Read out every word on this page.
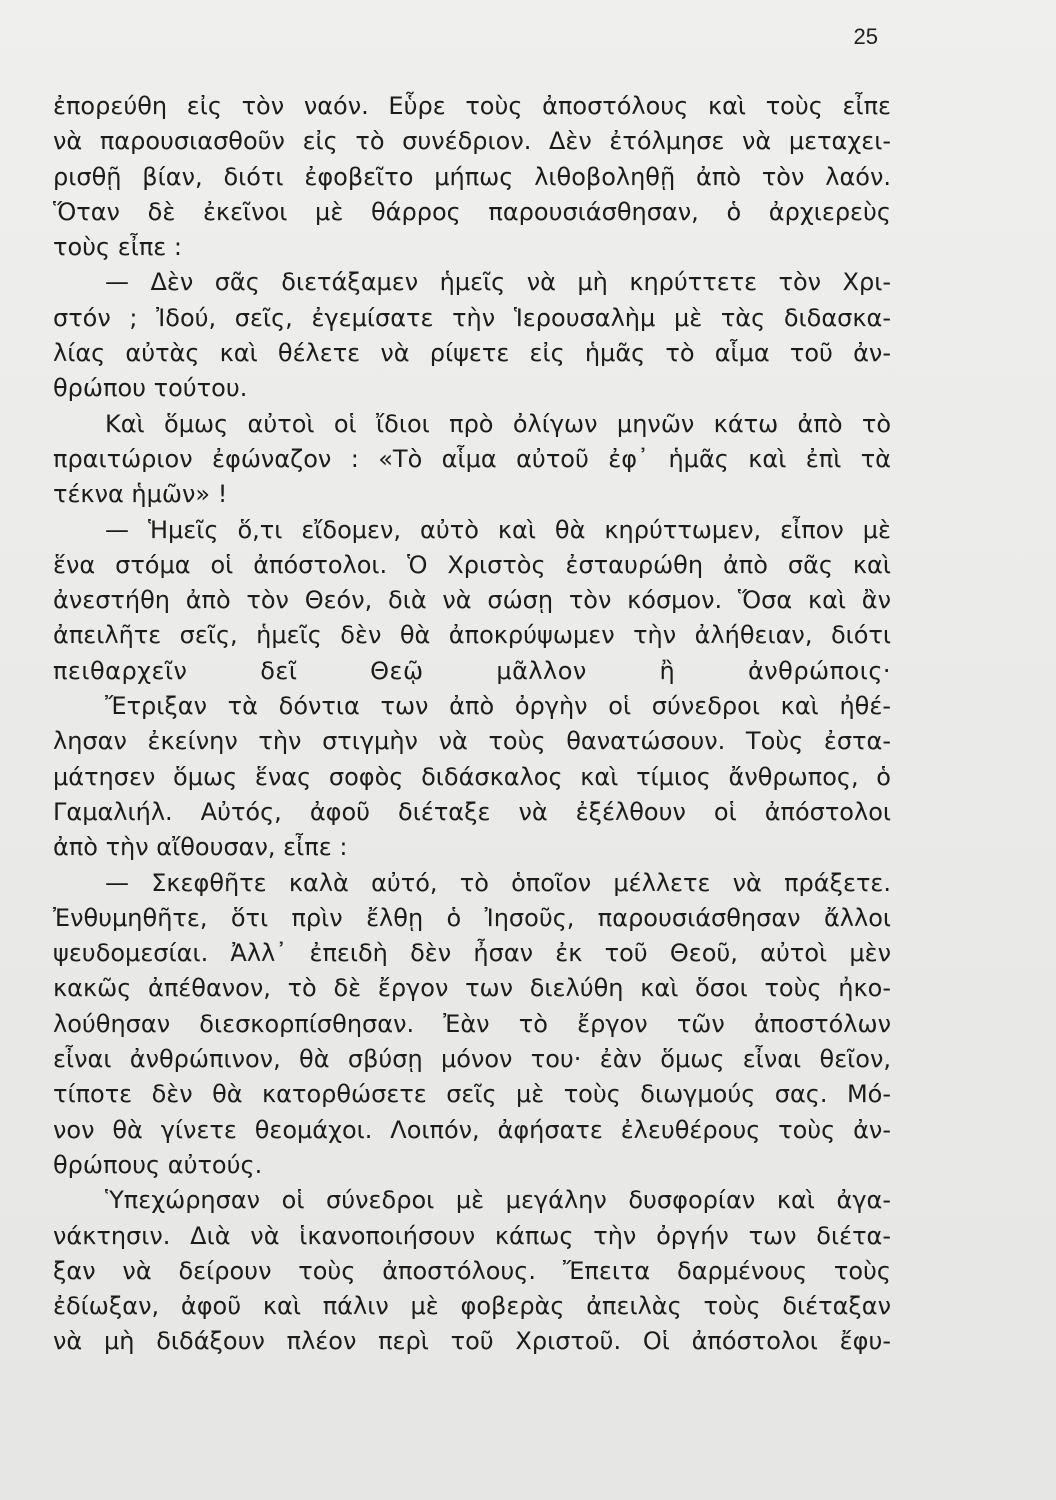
25
ἐπορεύθη εἰς τὸν ναόν. Εὗρε τοὺς ἀποστόλους καὶ τοὺς εἶπε
νὰ παρουσιασθοῦν εἰς τὸ συνέδριον. Δὲν ἐτόλμησε νὰ μεταχει-
ρισθῇ βίαν, διότι ἐφοβεῖτο μήπως λιθοβοληθῇ ἀπὸ τὸν λαόν.
Ὅταν δὲ ἐκεῖνοι μὲ θάρρος παρουσιάσθησαν, ὁ ἀρχιερεὺς
τοὺς εἶπε :
— Δὲν σᾶς διετάξαμεν ἡμεῖς νὰ μὴ κηρύττετε τὸν Χρι-
στόν ; Ἰδού, σεῖς, ἐγεμίσατε τὴν Ἱερουσαλὴμ μὲ τὰς διδασκα-
λίας αὐτὰς καὶ θέλετε νὰ ρίψετε εἰς ἡμᾶς τὸ αἷμα τοῦ ἀν-
θρώπου τούτου.
Καὶ ὅμως αὐτοὶ οἱ ἴδιοι πρὸ ὀλίγων μηνῶν κάτω ἀπὸ τὸ
πραιτώριον ἐφώναζον : «Τὸ αἷμα αὐτοῦ ἐφ᾽ ἡμᾶς καὶ ἐπὶ τὰ
τέκνα ἡμῶν» !
— Ἡμεῖς ὅ,τι εἴδομεν, αὐτὸ καὶ θὰ κηρύττωμεν, εἶπον μὲ
ἕνα στόμα οἱ ἀπόστολοι. Ὁ Χριστὸς ἐσταυρώθη ἀπὸ σᾶς καὶ
ἀνεστήθη ἀπὸ τὸν Θεόν, διὰ νὰ σώσῃ τὸν κόσμον. Ὅσα καὶ ἂν
ἀπειλῆτε σεῖς, ἡμεῖς δὲν θὰ ἀποκρύψωμεν τὴν ἀλήθειαν, διότι
πειθαρχεῖν δεῖ Θεῷ μᾶλλον ἢ ἀνθρώποις·
Ἔτριξαν τὰ δόντια των ἀπὸ ὀργὴν οἱ σύνεδροι καὶ ἠθέ-
λησαν ἐκείνην τὴν στιγμὴν νὰ τοὺς θανατώσουν. Τοὺς ἐστα-
μάτησεν ὅμως ἕνας σοφὸς διδάσκαλος καὶ τίμιος ἄνθρωπος, ὁ
Γαμαλιήλ. Αὐτός, ἀφοῦ διέταξε νὰ ἐξέλθουν οἱ ἀπόστολοι
ἀπὸ τὴν αἴθουσαν, εἶπε :
— Σκεφθῆτε καλὰ αὐτό, τὸ ὁποῖον μέλλετε νὰ πράξετε.
Ἐνθυμηθῆτε, ὅτι πρὶν ἔλθῃ ὁ Ἰησοῦς, παρουσιάσθησαν ἄλλοι
ψευδομεσίαι. Ἀλλ᾽ ἐπειδὴ δὲν ἦσαν ἐκ τοῦ Θεοῦ, αὐτοὶ μὲν
κακῶς ἀπέθανον, τὸ δὲ ἔργον των διελύθη καὶ ὅσοι τοὺς ἠκο-
λούθησαν διεσκορπίσθησαν. Ἐὰν τὸ ἔργον τῶν ἀποστόλων
εἶναι ἀνθρώπινον, θὰ σβύσῃ μόνον του· ἐὰν ὅμως εἶναι θεῖον,
τίποτε δὲν θὰ κατορθώσετε σεῖς μὲ τοὺς διωγμούς σας. Μό-
νον θὰ γίνετε θεομάχοι. Λοιπόν, ἀφήσατε ἐλευθέρους τοὺς ἀν-
θρώπους αὐτούς.
Ὑπεχώρησαν οἱ σύνεδροι μὲ μεγάλην δυσφορίαν καὶ ἀγα-
νάκτησιν. Διὰ νὰ ἱκανοποιήσουν κάπως τὴν ὀργήν των διέτα-
ξαν νὰ δείρουν τοὺς ἀποστόλους. Ἔπειτα δαρμένους τοὺς
ἐδίωξαν, ἀφοῦ καὶ πάλιν μὲ φοβερὰς ἀπειλὰς τοὺς διέταξαν
νὰ μὴ διδάξουν πλέον περὶ τοῦ Χριστοῦ. Οἱ ἀπόστολοι ἔφυ-
